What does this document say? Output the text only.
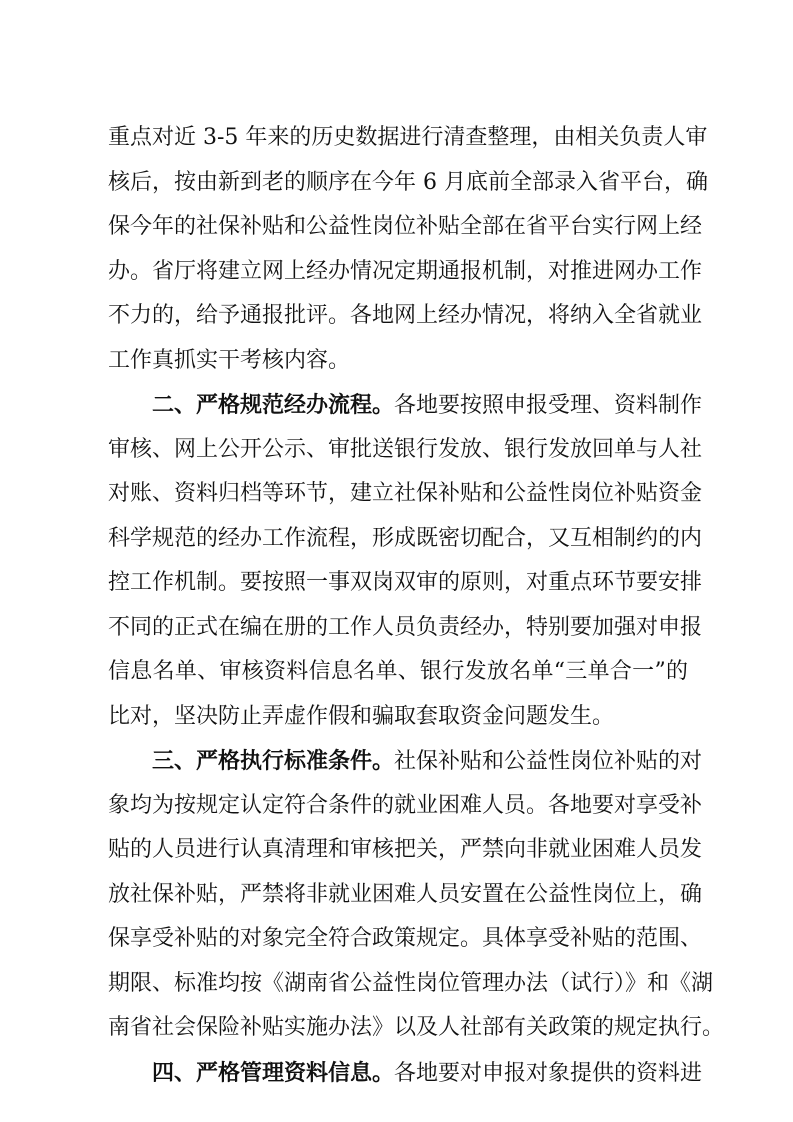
重点对近 3-5 年来的历史数据进行清查整理，由相关负责人审
核后，按由新到老的顺序在今年 6 月底前全部录入省平台，确
保今年的社保补贴和公益性岗位补贴全部在省平台实行网上经
办。省厅将建立网上经办情况定期通报机制，对推进网办工作
不力的，给予通报批评。各地网上经办情况，将纳入全省就业
工作真抓实干考核内容。
二、严格规范经办流程。各地要按照申报受理、资料制作
审核、网上公开公示、审批送银行发放、银行发放回单与人社
对账、资料归档等环节，建立社保补贴和公益性岗位补贴资金
科学规范的经办工作流程，形成既密切配合，又互相制约的内
控工作机制。要按照一事双岗双审的原则，对重点环节要安排
不同的正式在编在册的工作人员负责经办，特别要加强对申报
信息名单、审核资料信息名单、银行发放名单“三单合一”的
比对，坚决防止弄虚作假和骗取套取资金问题发生。
三、严格执行标准条件。社保补贴和公益性岗位补贴的对
象均为按规定认定符合条件的就业困难人员。各地要对享受补
贴的人员进行认真清理和审核把关，严禁向非就业困难人员发
放社保补贴，严禁将非就业困难人员安置在公益性岗位上，确
保享受补贴的对象完全符合政策规定。具体享受补贴的范围、
期限、标准均按《湖南省公益性岗位管理办法（试行）》和《湖
南省社会保险补贴实施办法》以及人社部有关政策的规定执行。
四、严格管理资料信息。各地要对申报对象提供的资料进
